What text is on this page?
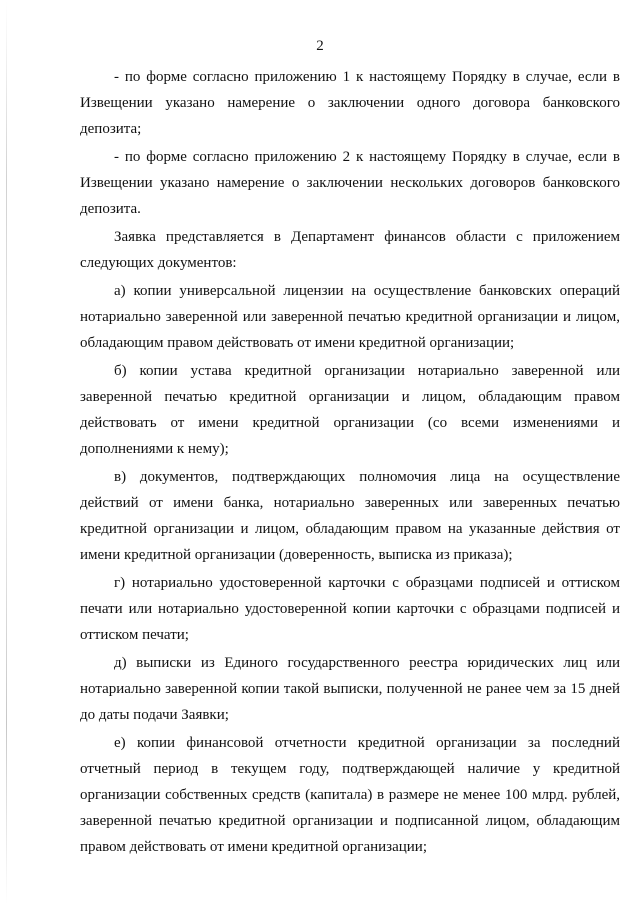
2

- по форме согласно приложению 1 к настоящему Порядку в случае, если в Извещении указано намерение о заключении одного договора банковского депозита;

- по форме согласно приложению 2 к настоящему Порядку в случае, если в Извещении указано намерение о заключении нескольких договоров банковского депозита.

Заявка представляется в Департамент финансов области с приложением следующих документов:

а) копии универсальной лицензии на осуществление банковских операций нотариально заверенной или заверенной печатью кредитной организации и лицом, обладающим правом действовать от имени кредитной организации;

б) копии устава кредитной организации нотариально заверенной или заверенной печатью кредитной организации и лицом, обладающим правом действовать от имени кредитной организации (со всеми изменениями и дополнениями к нему);

в) документов, подтверждающих полномочия лица на осуществление действий от имени банка, нотариально заверенных или заверенных печатью кредитной организации и лицом, обладающим правом на указанные действия от имени кредитной организации (доверенность, выписка из приказа);

г) нотариально удостоверенной карточки с образцами подписей и оттиском печати или нотариально удостоверенной копии карточки с образцами подписей и оттиском печати;

д) выписки из Единого государственного реестра юридических лиц или нотариально заверенной копии такой выписки, полученной не ранее чем за 15 дней до даты подачи Заявки;

е) копии финансовой отчетности кредитной организации за последний отчетный период в текущем году, подтверждающей наличие у кредитной организации собственных средств (капитала) в размере не менее 100 млрд. рублей, заверенной печатью кредитной организации и подписанной лицом, обладающим правом действовать от имени кредитной организации;
